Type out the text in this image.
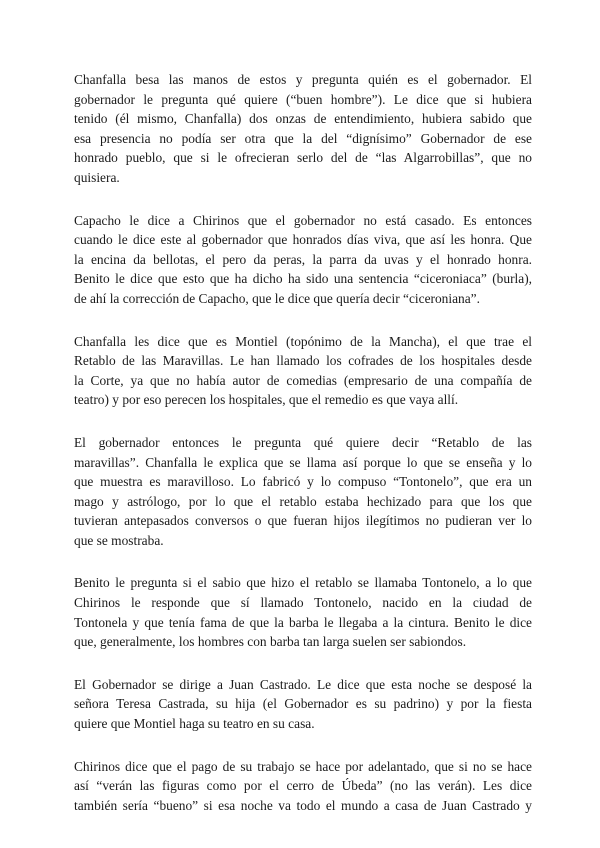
Chanfalla besa las manos de estos y pregunta quién es el gobernador. El
gobernador le pregunta qué quiere (“buen hombre”). Le dice que si hubiera
tenido (él mismo, Chanfalla) dos onzas de entendimiento, hubiera sabido que
esa presencia no podía ser otra que la del “dignísimo” Gobernador de ese
honrado pueblo, que si le ofrecieran serlo del de “las Algarrobillas”, que no
quisiera.
Capacho le dice a Chirinos que el gobernador no está casado. Es entonces
cuando le dice este al gobernador que honrados días viva, que así les honra. Que
la encina da bellotas, el pero da peras, la parra da uvas y el honrado honra.
Benito le dice que esto que ha dicho ha sido una sentencia “ciceroniaca” (burla),
de ahí la corrección de Capacho, que le dice que quería decir “ciceroniana”.
Chanfalla les dice que es Montiel (topónimo de la Mancha), el que trae el
Retablo de las Maravillas. Le han llamado los cofrades de los hospitales desde
la Corte, ya que no había autor de comedias (empresario de una compañía de
teatro) y por eso perecen los hospitales, que el remedio es que vaya allí.
El gobernador entonces le pregunta qué quiere decir “Retablo de las
maravillas”. Chanfalla le explica que se llama así porque lo que se enseña y lo
que muestra es maravilloso. Lo fabricó y lo compuso “Tontonelo”, que era un
mago y astrólogo, por lo que el retablo estaba hechizado para que los que
tuvieran antepasados conversos o que fueran hijos ilegítimos no pudieran ver lo
que se mostraba.
Benito le pregunta si el sabio que hizo el retablo se llamaba Tontonelo, a lo que
Chirinos le responde que sí llamado Tontonelo, nacido en la ciudad de
Tontonela y que tenía fama de que la barba le llegaba a la cintura. Benito le dice
que, generalmente, los hombres con barba tan larga suelen ser sabiondos.
El Gobernador se dirige a Juan Castrado. Le dice que esta noche se desposé la
señora Teresa Castrada, su hija (el Gobernador es su padrino) y por la fiesta
quiere que Montiel haga su teatro en su casa.
Chirinos dice que el pago de su trabajo se hace por adelantado, que si no se hace
así “verán las figuras como por el cerro de Úbeda” (no las verán). Les dice
también sería “bueno” si esa noche va todo el mundo a casa de Juan Castrado y
